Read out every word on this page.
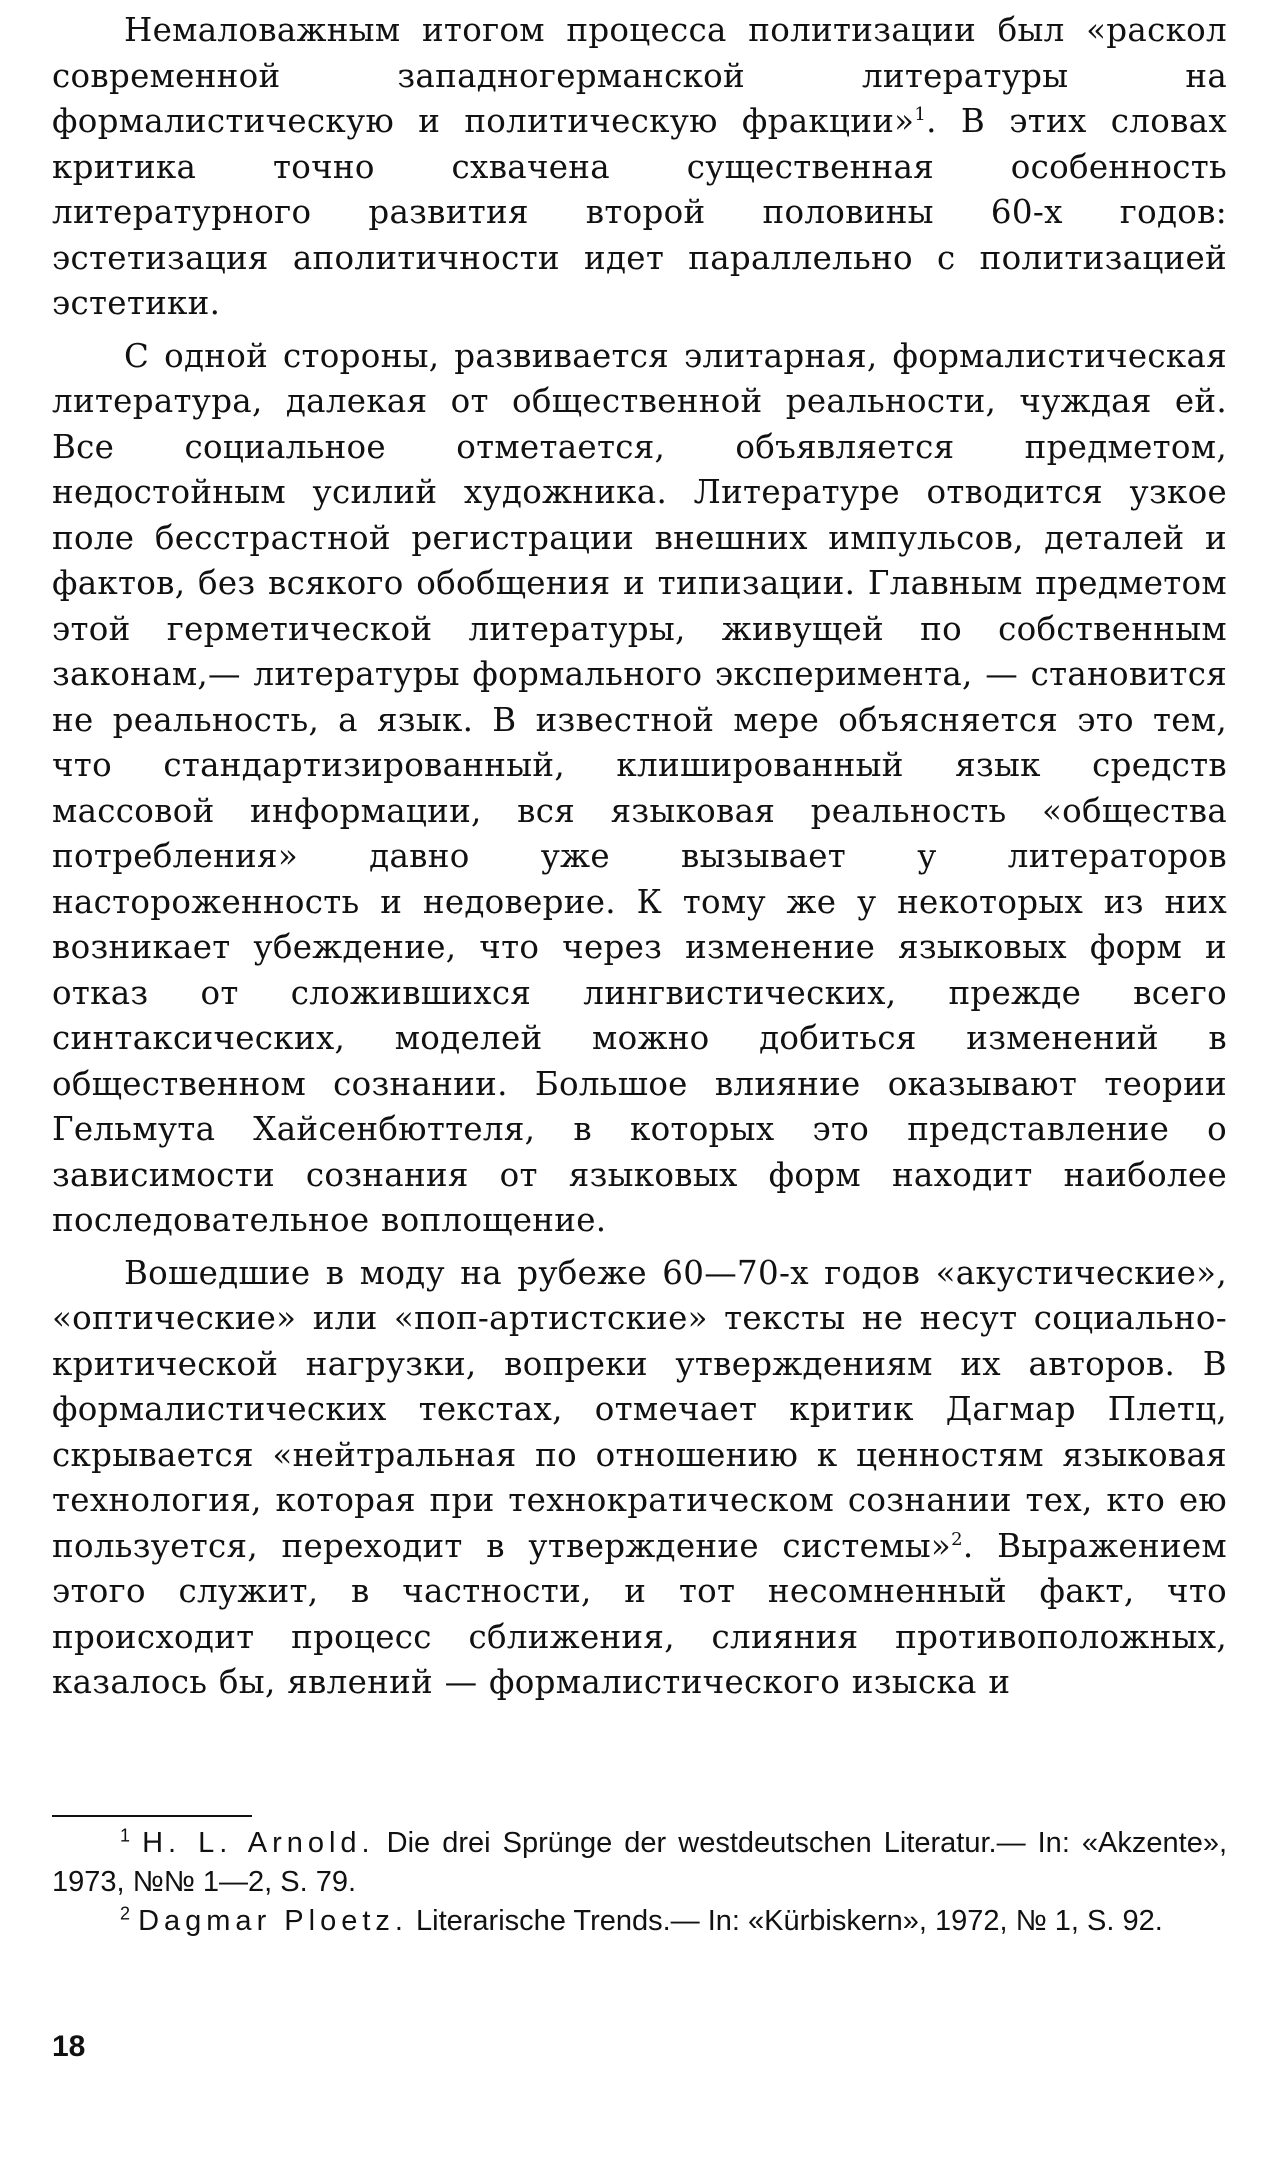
Немаловажным итогом процесса политизации был «раскол современной западногерманской литературы на формалистическую и политическую фракции»$^1$. В этих словах критика точно схвачена существенная особенность литературного развития второй половины 60-х годов: эстетизация аполитичности идет параллельно с политизацией эстетики.

С одной стороны, развивается элитарная, формалистическая литература, далекая от общественной реальности, чуждая ей. Все социальное отметается, объявляется предметом, недостойным усилий художника. Литературе отводится узкое поле бесстрастной регистрации внешних импульсов, деталей и фактов, без всякого обобщения и типизации. Главным предметом этой герметической литературы, живущей по собственным законам,— литературы формального эксперимента, — становится не реальность, а язык. В известной мере объясняется это тем, что стандартизированный, клишированный язык средств массовой информации, вся языковая реальность «общества потребления» давно уже вызывает у литераторов настороженность и недоверие. К тому же у некоторых из них возникает убеждение, что через изменение языковых форм и отказ от сложившихся лингвистических, прежде всего синтаксических, моделей можно добиться изменений в общественном сознании. Большое влияние оказывают теории Гельмута Хайсенбюттеля, в которых это представление о зависимости сознания от языковых форм находит наиболее последовательное воплощение.

Вошедшие в моду на рубеже 60—70-х годов «акустические», «оптические» или «поп-артистские» тексты не несут социально-критической нагрузки, вопреки утверждениям их авторов. В формалистических текстах, отмечает критик Дагмар Плетц, скрывается «нейтральная по отношению к ценностям языковая технология, которая при технократическом сознании тех, кто ею пользуется, переходит в утверждение системы»$^2$. Выражением этого служит, в частности, и тот несомненный факт, что происходит процесс сближения, слияния противоположных, казалось бы, явлений — формалистического изыска и

$^1$ H. L. Arnold. Die drei Sprünge der westdeutschen Literatur.— In: «Akzente», 1973, №№ 1—2, S. 79.

$^2$ Dagmar Ploetz. Literarische Trends.— In: «Kürbiskern», 1972, № 1, S. 92.

18
